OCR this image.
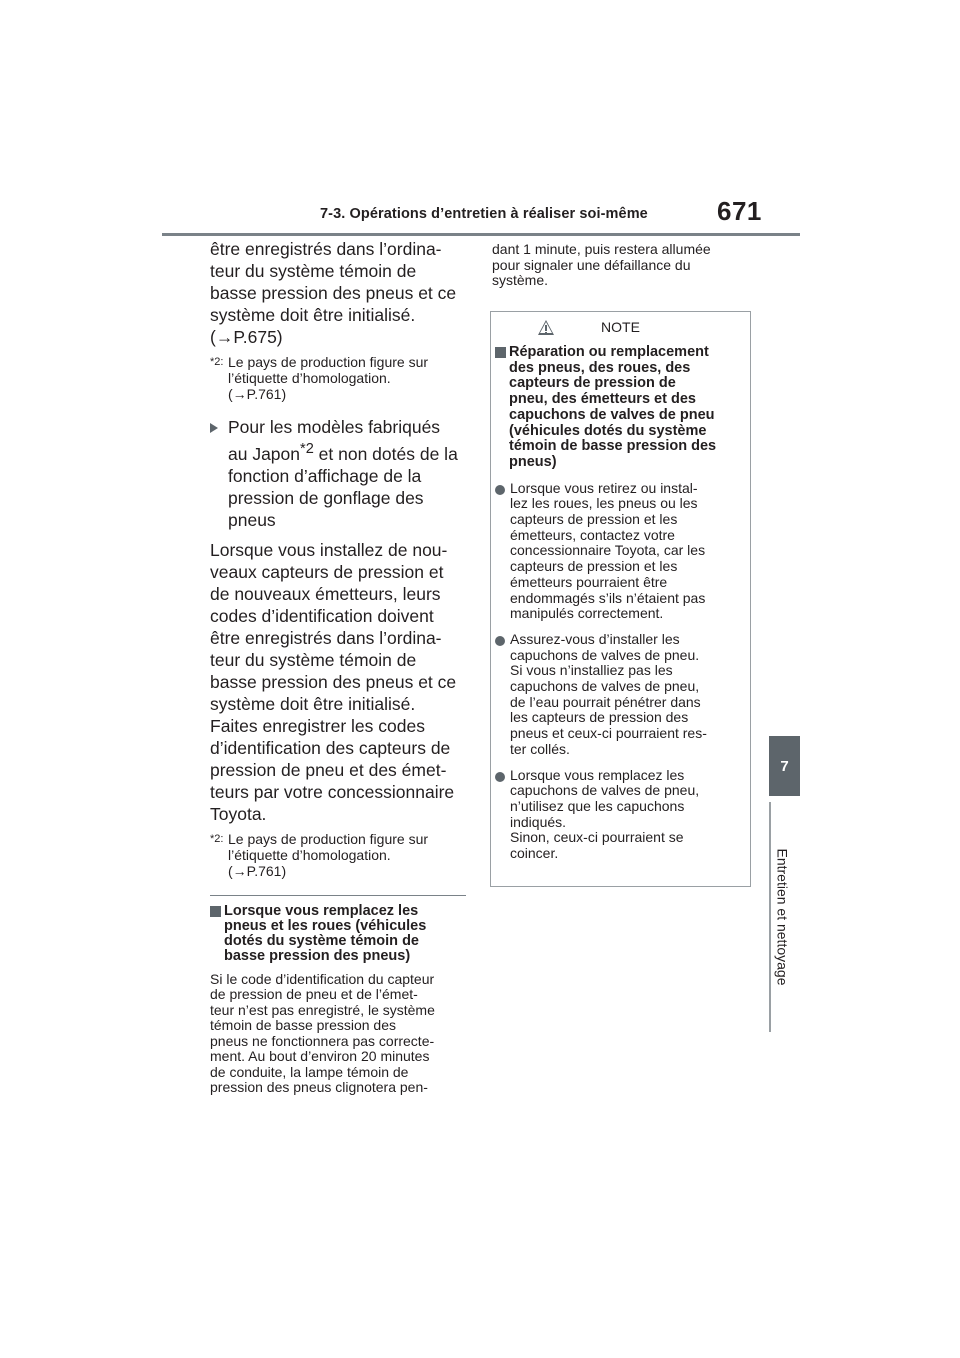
7-3. Opérations d’entretien à réaliser soi-même	671
7
Entretien et nettoyage

être enregistrés dans l’ordina-
teur du système témoin de
basse pression des pneus et ce
système doit être initialisé.
(→P.675)

*2: Le pays de production figure sur
l’étiquette d’homologation.
(→P.761)
Pour les modèles fabriqués
au Japon$^{*2}$ et non dotés de la
fonction d’affichage de la
pression de gonflage des
pneus

Lorsque vous installez de nou-
veaux capteurs de pression et
de nouveaux émetteurs, leurs
codes d’identification doivent
être enregistrés dans l’ordina-
teur du système témoin de
basse pression des pneus et ce
système doit être initialisé.
Faites enregistrer les codes
d’identification des capteurs de
pression de pneu et des émet-
teurs par votre concessionnaire
Toyota.

*2: Le pays de production figure sur
l’étiquette d’homologation.
(→P.761)
Lorsque vous remplacez les
pneus et les roues (véhicules
dotés du système témoin de
basse pression des pneus)

Si le code d’identification du capteur
de pression de pneu et de l’émet-
teur n’est pas enregistré, le système
témoin de basse pression des
pneus ne fonctionnera pas correcte-
ment. Au bout d’environ 20 minutes
de conduite, la lampe témoin de
pression des pneus clignotera pen-

dant 1 minute, puis restera allumée
pour signaler une défaillance du
système.

NOTE
Réparation ou remplacement
des pneus, des roues, des
capteurs de pression de
pneu, des émetteurs et des
capuchons de valves de pneu
(véhicules dotés du système
témoin de basse pression des
pneus)
Lorsque vous retirez ou instal-
lez les roues, les pneus ou les
capteurs de pression et les
émetteurs, contactez votre
concessionnaire Toyota, car les
capteurs de pression et les
émetteurs pourraient être
endommagés s’ils n’étaient pas
manipulés correctement.
Assurez-vous d’installer les
capuchons de valves de pneu.
Si vous n’installiez pas les
capuchons de valves de pneu,
de l’eau pourrait pénétrer dans
les capteurs de pression des
pneus et ceux-ci pourraient res-
ter collés.
Lorsque vous remplacez les
capuchons de valves de pneu,
n’utilisez que les capuchons
indiqués.
Sinon, ceux-ci pourraient se
coincer.
